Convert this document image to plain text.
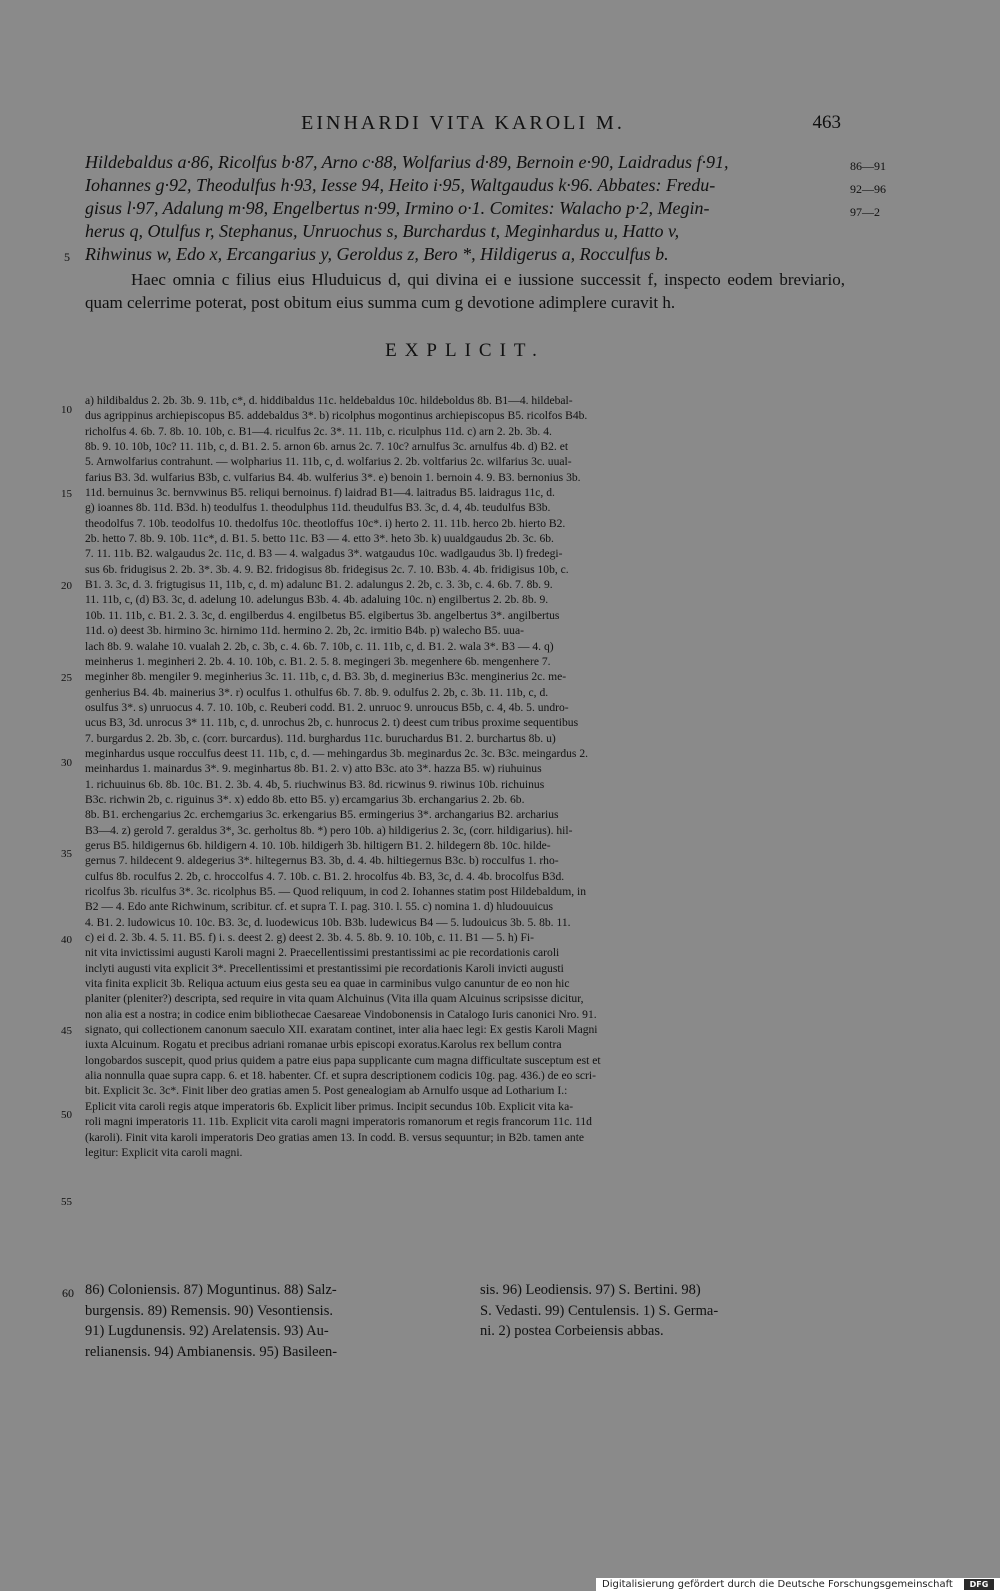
EINHARDI VITA KAROLI M.	463
Hildebaldus a·86, Ricolfus b·87, Arno c·88, Wolfarius d·89, Bernoin e·90, Laidradus f·91,
Iohannes g·92, Theodulfus h·93, Iesse 94, Heito i·95, Waltgaudus k·96. Abbates: Fredu-
gisus l·97, Adalung m·98, Engelbertus n·99, Irmino o·1. Comites: Walacho p·2, Megin-
herus q, Otulfus r, Stephanus, Unruochus s, Burchardus t, Meginhardus u, Hatto v,
Rihwinus w, Edo x, Ercangarius y, Geroldus z, Bero *, Hildigerus a, Rocculfus b.
86—91
92—96
97—2
5
Haec omnia c filius eius Hluduicus d, qui divina ei e iussione successit f, inspecto eodem breviario, quam celerrime poterat, post obitum eius summa cum g devotione adimplere curavit h.
EXPLICIT.
10
15
20
25
30
35
40
45
50
55
a) hildibaldus 2. 2b. 3b. 9. 11b, c*, d. hiddibaldus 11c. heldebaldus 10c. hildeboldus 8b. B1—4. hildebal-
dus agrippinus archiepiscopus B5. addebaldus 3*. b) ricolphus mogontinus archiepiscopus B5. ricolfos B4b.
richolfus 4. 6b. 7. 8b. 10. 10b, c. B1—4. riculfus 2c. 3*. 11. 11b, c. riculphus 11d. c) arn 2. 2b. 3b. 4.
8b. 9. 10. 10b, 10c? 11. 11b, c, d. B1. 2. 5. arnon 6b. arnus 2c. 7. 10c? arnulfus 3c. arnulfus 4b. d) B2. et
5. Arnwolfarius contrahunt. — wolpharius 11. 11b, c, d. wolfarius 2. 2b. voltfarius 2c. wilfarius 3c. uual-
farius B3. 3d. wulfarius B3b, c. vulfarius B4. 4b. wulferius 3*. e) benoin 1. bernoin 4. 9. B3. bernonius 3b.
11d. bernuinus 3c. bernvwinus B5. reliqui bernoinus. f) laidrad B1—4. laitradus B5. laidragus 11c, d.
g) ioannes 8b. 11d. B3d. h) teodulfus 1. theodulphus 11d. theudulfus B3. 3c, d. 4, 4b. teudulfus B3b.
theodolfus 7. 10b. teodolfus 10. thedolfus 10c. theotloffus 10c*. i) herto 2. 11. 11b. herco 2b. hierto B2.
2b. hetto 7. 8b. 9. 10b. 11c*, d. B1. 5. betto 11c. B3 — 4. etto 3*. heto 3b. k) uualdgaudus 2b. 3c. 6b.
7. 11. 11b. B2. walgaudus 2c. 11c, d. B3 — 4. walgadus 3*. watgaudus 10c. wadlgaudus 3b. l) fredegi-
sus 6b. fridugisus 2. 2b. 3*. 3b. 4. 9. B2. fridogisus 8b. fridegisus 2c. 7. 10. B3b. 4. 4b. fridigisus 10b, c.
B1. 3. 3c, d. 3. frigtugisus 11, 11b, c, d. m) adalunc B1. 2. adalungus 2. 2b, c. 3. 3b, c. 4. 6b. 7. 8b. 9.
11. 11b, c, (d) B3. 3c, d. adelung 10. adelungus B3b. 4. 4b. adaluing 10c. n) engilbertus 2. 2b. 8b. 9.
10b. 11. 11b, c. B1. 2. 3. 3c, d. engilberdus 4. engilbetus B5. elgibertus 3b. angelbertus 3*. angilbertus
11d. o) deest 3b. hirmino 3c. hirnimo 11d. hermino 2. 2b, 2c. irmitio B4b. p) walecho B5. uua-
lach 8b. 9. walahe 10. vualah 2. 2b, c. 3b, c. 4. 6b. 7. 10b, c. 11. 11b, c, d. B1. 2. wala 3*. B3 — 4. q)
meinherus 1. meginheri 2. 2b. 4. 10. 10b, c. B1. 2. 5. 8. megingeri 3b. megenhere 6b. mengenhere 7.
meginher 8b. mengiler 9. meginherius 3c. 11. 11b, c, d. B3. 3b, d. meginerius B3c. menginerius 2c. me-
genherius B4. 4b. mainerius 3*. r) oculfus 1. othulfus 6b. 7. 8b. 9. odulfus 2. 2b, c. 3b. 11. 11b, c, d.
osulfus 3*. s) unruocus 4. 7. 10. 10b, c. Reuberi codd. B1. 2. unruoc 9. unroucus B5b, c. 4, 4b. 5. undro-
ucus B3, 3d. unrocus 3* 11. 11b, c, d. unrochus 2b, c. hunrocus 2. t) deest cum tribus proxime sequentibus
7. burgardus 2. 2b. 3b, c. (corr. burcardus). 11d. burghardus 11c. buruchardus B1. 2. burchartus 8b. u)
meginhardus usque rocculfus deest 11. 11b, c, d. — mehingardus 3b. meginardus 2c. 3c. B3c. meingardus 2.
meinhardus 1. mainardus 3*. 9. meginhartus 8b. B1. 2. v) atto B3c. ato 3*. hazza B5. w) riuhuinus
1. richuuinus 6b. 8b. 10c. B1. 2. 3b. 4. 4b, 5. riuchwinus B3. 8d. ricwinus 9. riwinus 10b. richuinus
B3c. richwin 2b, c. riguinus 3*. x) eddo 8b. etto B5. y) ercamgarius 3b. erchangarius 2. 2b. 6b.
8b. B1. erchengarius 2c. erchemgarius 3c. erkengarius B5. ermingerius 3*. archangarius B2. archarius
B3—4. z) gerold 7. geraldus 3*, 3c. gerholtus 8b. *) pero 10b. a) hildigerius 2. 3c, (corr. hildigarius). hil-
gerus B5. hildigernus 6b. hildigern 4. 10. 10b. hildigerh 3b. hiltigern B1. 2. hildegern 8b. 10c. hilde-
gernus 7. hildecent 9. aldegerius 3*. hiltegernus B3. 3b, d. 4. 4b. hiltiegernus B3c. b) rocculfus 1. rho-
culfus 8b. roculfus 2. 2b, c. hroccolfus 4. 7. 10b. c. B1. 2. hrocolfus 4b. B3, 3c, d. 4. 4b. brocolfus B3d.
ricolfus 3b. riculfus 3*. 3c. ricolphus B5. — Quod reliquum, in cod 2. Iohannes statim post Hildebaldum, in
B2 — 4. Edo ante Richwinum, scribitur. cf. et supra T. I. pag. 310. l. 55. c) nomina 1. d) hludouuicus
4. B1. 2. ludowicus 10. 10c. B3. 3c, d. luodewicus 10b. B3b. ludewicus B4 — 5. ludouicus 3b. 5. 8b. 11.
c) ei d. 2. 3b. 4. 5. 11. B5. f) i. s. deest 2. g) deest 2. 3b. 4. 5. 8b. 9. 10. 10b, c. 11. B1 — 5. h) Fi-
nit vita invictissimi augusti Karoli magni 2. Praecellentissimi prestantissimi ac pie recordationis caroli
inclyti augusti vita explicit 3*. Precellentissimi et prestantissimi pie recordationis Karoli invicti augusti
vita finita explicit 3b. Reliqua actuum eius gesta seu ea quae in carminibus vulgo canuntur de eo non hic
planiter (pleniter?) descripta, sed require in vita quam Alchuinus (Vita illa quam Alcuinus scripsisse dicitur,
non alia est a nostra; in codice enim bibliothecae Caesareae Vindobonensis in Catalogo Iuris canonici Nro. 91.
signato, qui collectionem canonum saeculo XII. exaratam continet, inter alia haec legi: Ex gestis Karoli Magni
iuxta Alcuinum. Rogatu et precibus adriani romanae urbis episcopi exoratus.Karolus rex bellum contra
longobardos suscepit, quod prius quidem a patre eius papa supplicante cum magna difficultate susceptum est et
alia nonnulla quae supra capp. 6. et 18. habenter. Cf. et supra descriptionem codicis 10g. pag. 436.) de eo scri-
bit. Explicit 3c. 3c*. Finit liber deo gratias amen 5. Post genealogiam ab Arnulfo usque ad Lotharium I.:
Eplicit vita caroli regis atque imperatoris 6b. Explicit liber primus. Incipit secundus 10b. Explicit vita ka-
roli magni imperatoris 11. 11b. Explicit vita caroli magni imperatoris romanorum et regis francorum 11c. 11d
(karoli). Finit vita karoli imperatoris Deo gratias amen 13. In codd. B. versus sequuntur; in B2b. tamen ante
legitur: Explicit vita caroli magni.
60 86) Coloniensis. 87) Moguntinus. 88) Salz-
burgensis. 89) Remensis. 90) Vesontiensis.
91) Lugdunensis. 92) Arelatensis. 93) Au-
relianensis. 94) Ambianensis. 95) Basileen-
sis. 96) Leodiensis. 97) S. Bertini. 98)
S. Vedasti. 99) Centulensis. 1) S. Germa-
ni. 2) postea Corbeiensis abbas.
Digitalisierung gefördert durch die Deutsche Forschungsgemeinschaft	DFG
